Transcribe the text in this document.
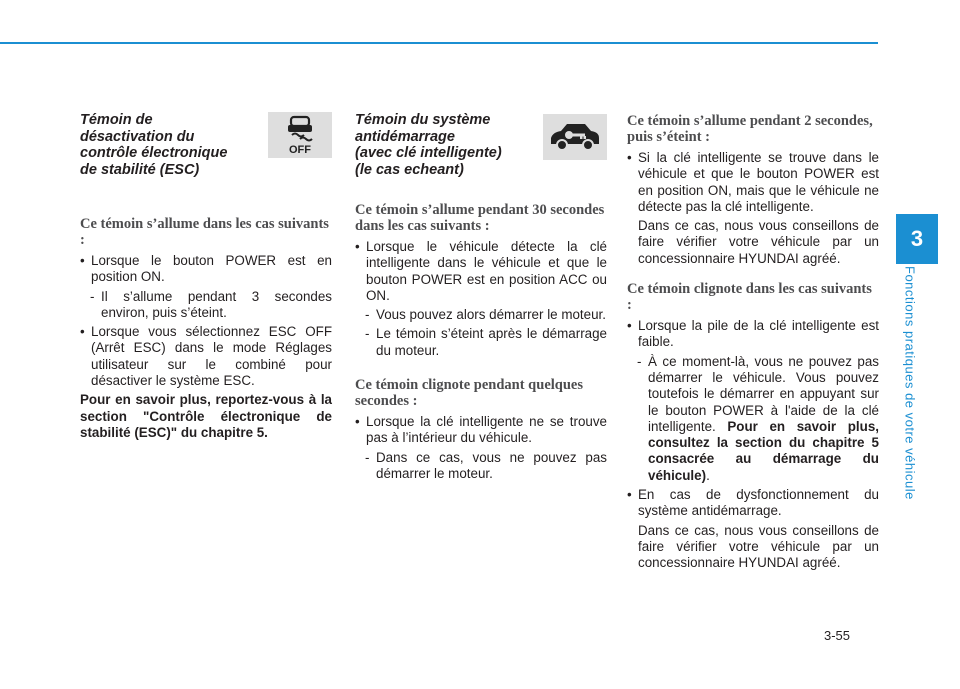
3
Fonctions pratiques de votre véhicule
3-55
Témoin de
désactivation du
contrôle électronique
de stabilité (ESC)
OFF
Ce témoin s’allume dans les cas suivants :
• Lorsque le bouton POWER est en position ON.
- Il s’allume pendant 3 secondes environ, puis s’éteint.
• Lorsque vous sélectionnez ESC OFF (Arrêt ESC) dans le mode Réglages utilisateur sur le combiné pour désactiver le système ESC.

Pour en savoir plus, reportez-vous à la section "Contrôle électronique de stabilité (ESC)" du chapitre 5.

Témoin du système
antidémarrage
(avec clé intelligente)
(le cas echeant)
Ce témoin s’allume pendant 30 secondes dans les cas suivants :
• Lorsque le véhicule détecte la clé intelligente dans le véhicule et que le bouton POWER est en position ACC ou ON.
- Vous pouvez alors démarrer le moteur.
- Le témoin s’éteint après le démarrage du moteur.
Ce témoin clignote pendant quelques secondes :
• Lorsque la clé intelligente ne se trouve pas à l’intérieur du véhicule.
- Dans ce cas, vous ne pouvez pas démarrer le moteur.
Ce témoin s’allume pendant 2 secondes, puis s’éteint :
• Si la clé intelligente se trouve dans le véhicule et que le bouton POWER est en position ON, mais que le véhicule ne détecte pas la clé intelligente.
Dans ce cas, nous vous conseillons de faire vérifier votre véhicule par un concessionnaire HYUNDAI agréé.
Ce témoin clignote dans les cas suivants :
• Lorsque la pile de la clé intelligente est faible.
- À ce moment-là, vous ne pouvez pas démarrer le véhicule. Vous pouvez toutefois le démarrer en appuyant sur le bouton POWER à l'aide de la clé intelligente. Pour en savoir plus, consultez la section du chapitre 5 consacrée au démarrage du véhicule).
• En cas de dysfonctionnement du système antidémarrage.
Dans ce cas, nous vous conseillons de faire vérifier votre véhicule par un concessionnaire HYUNDAI agréé.
